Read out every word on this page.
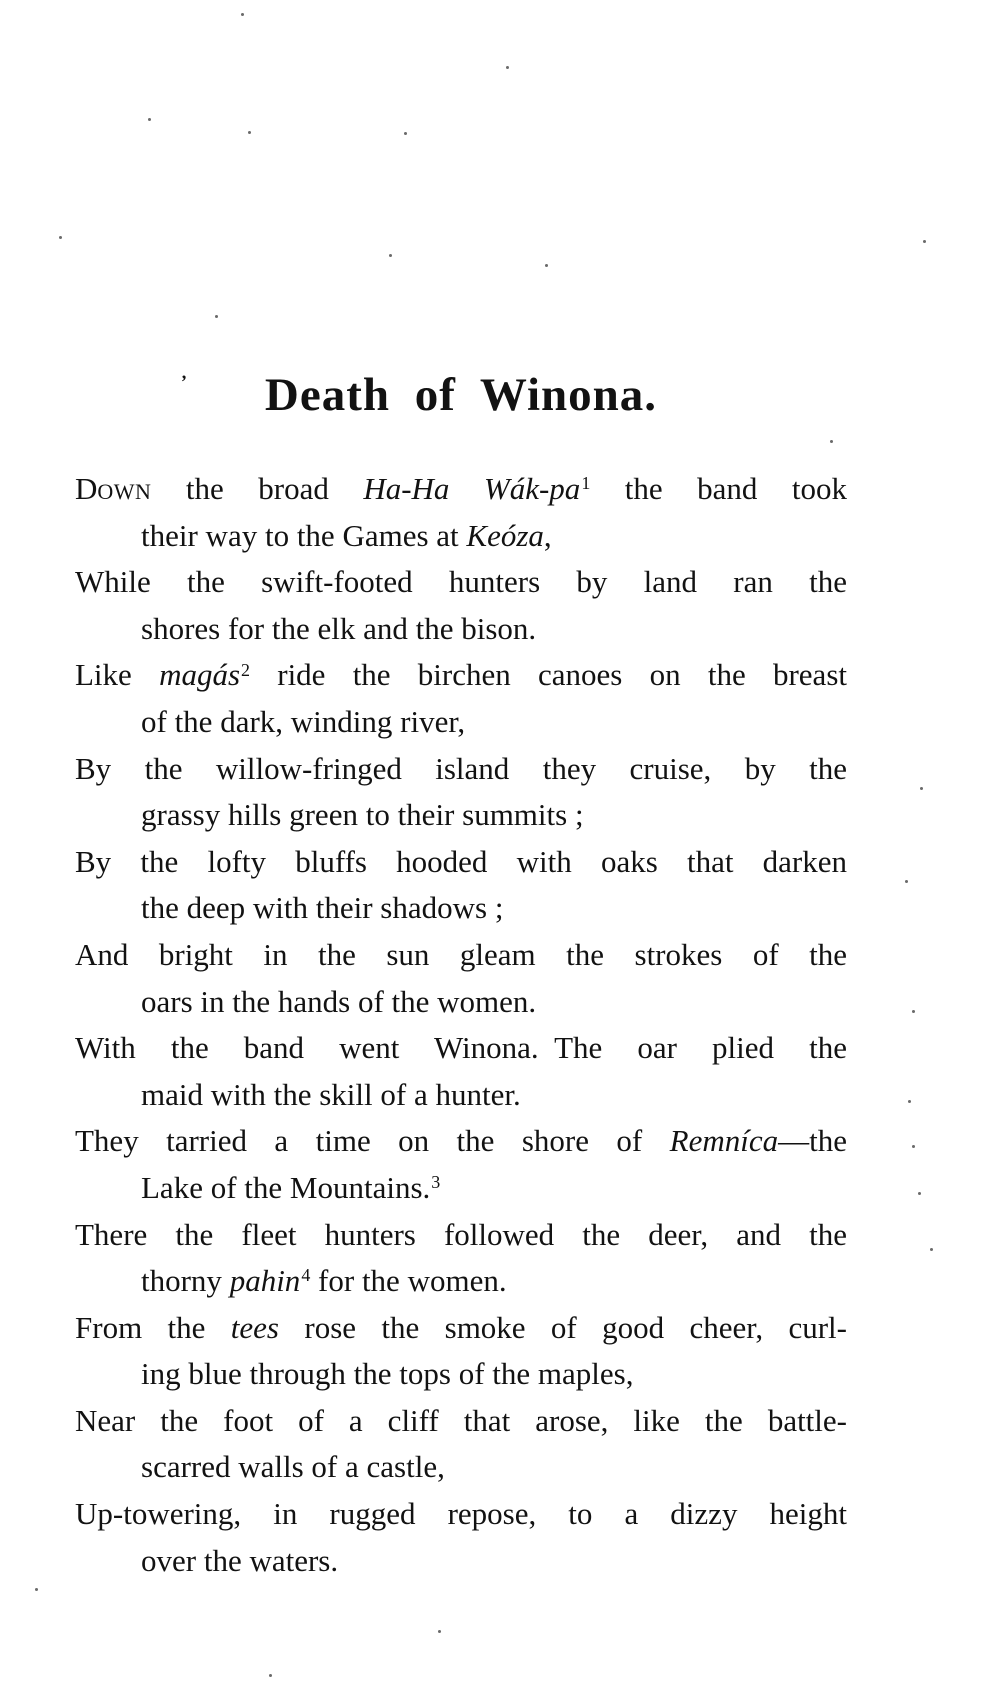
ʼ	Death of Winona.
Down the broad Ha-Ha Wák-$pa^1$ the band took
their way to the Games at Keóza,
While the swift-footed hunters by land ran the
shores for the elk and the bison.
Like magás$^2$ ride the birchen canoes on the breast
of the dark, winding river,
By the willow-fringed island they cruise, by the
grassy hills green to their summits ;
By the lofty bluffs hooded with oaks that darken
the deep with their shadows ;
And bright in the sun gleam the strokes of the
oars in the hands of the women.
With the band went Winona. The oar plied the
maid with the skill of a hunter.
They tarried a time on the shore of Remníca—the
Lake of the Mountains.$^3$
There the fleet hunters followed the deer, and the
thorny pahin$^4$ for the women.
From the tees rose the smoke of good cheer, curl-
ing blue through the tops of the maples,
Near the foot of a cliff that arose, like the battle-
scarred walls of a castle,
Up-towering, in rugged repose, to a dizzy height
over the waters.
